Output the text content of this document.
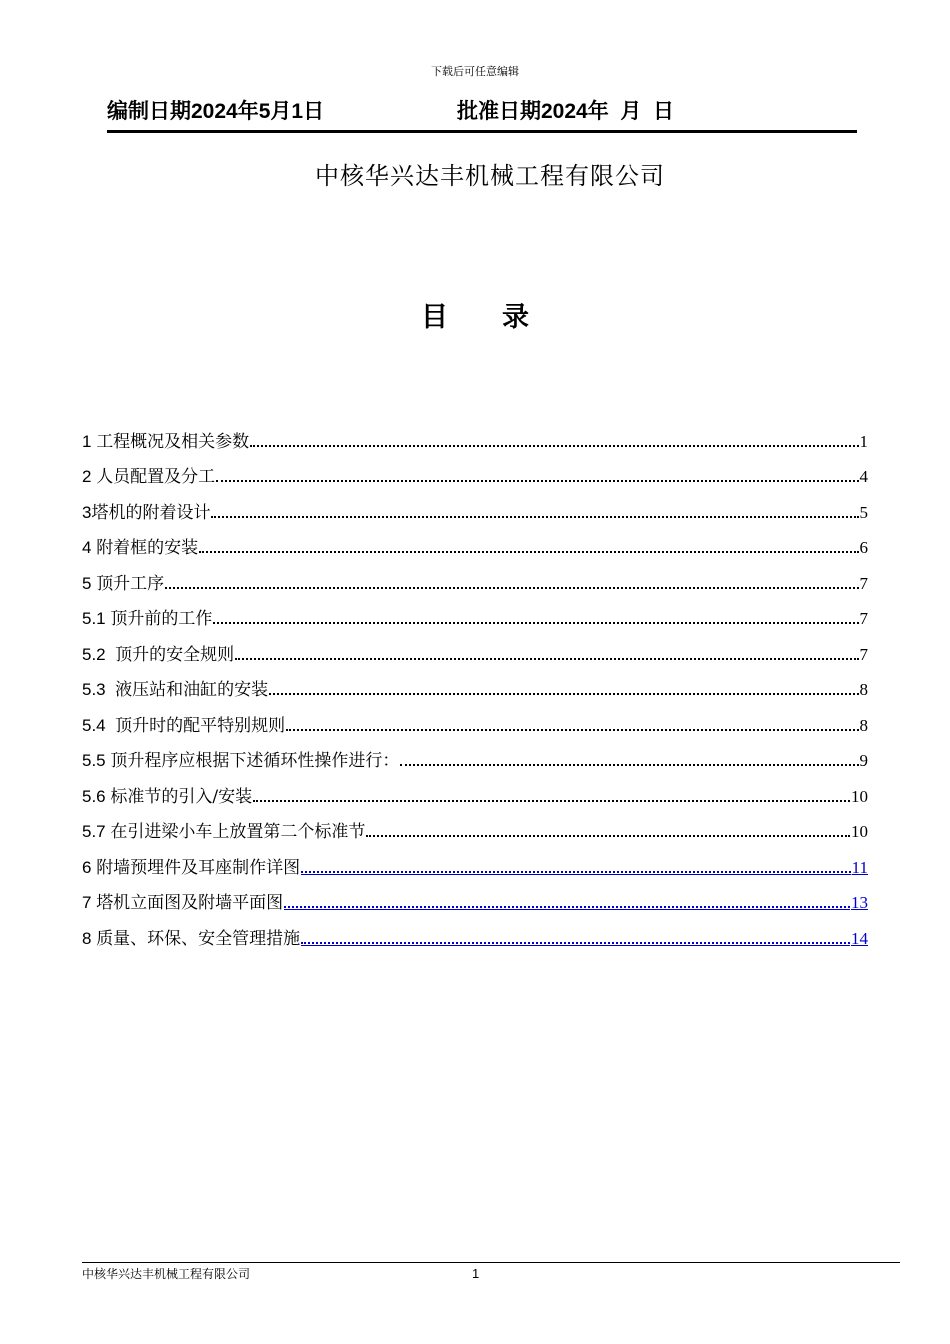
下载后可任意编辑
编制日期2024年5月1日	批准日期2024年  月  日
中核华兴达丰机械工程有限公司
目 录
1 工程概况及相关参数	1
2 人员配置及分工	4
3 塔机的附着设计	5
4 附着框的安装	6
5 顶升工序	7
5.1 顶升前的工作	7
5.2 顶升的安全规则	7
5.3 液压站和油缸的安装	8
5.4 顶升时的配平特别规则	8
5.5 顶升程序应根据下述循环性操作进行：	9
5.6 标准节的引入/安装	10
5.7 在引进梁小车上放置第二个标准节	10
6 附墙预埋件及耳座制作详图	11
7 塔机立面图及附墙平面图	13
8 质量、环保、安全管理措施	14
中核华兴达丰机械工程有限公司	1
